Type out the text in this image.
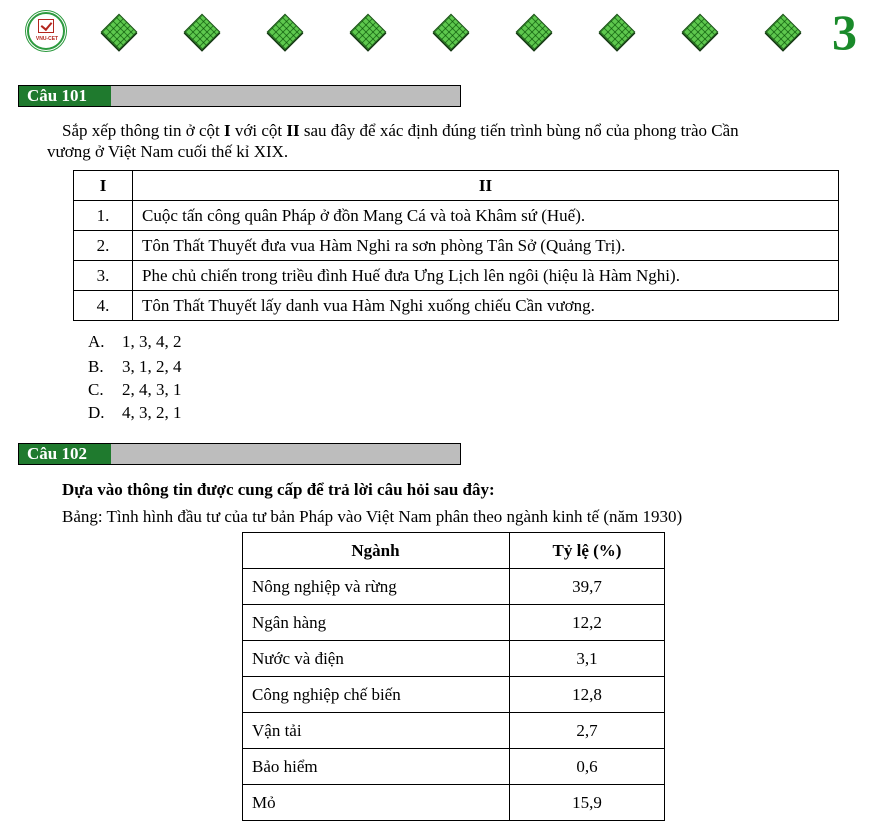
VNU-CET	3
Câu 101
Sắp xếp thông tin ở cột I với cột II sau đây để xác định đúng tiến trình bùng nổ của phong trào Cần
vương ở Việt Nam cuối thế kỉ XIX.
I	II
1.	Cuộc tấn công quân Pháp ở đồn Mang Cá và toà Khâm sứ (Huế).
2.	Tôn Thất Thuyết đưa vua Hàm Nghi ra sơn phòng Tân Sở (Quảng Trị).
3.	Phe chủ chiến trong triều đình Huế đưa Ưng Lịch lên ngôi (hiệu là Hàm Nghi).
4.	Tôn Thất Thuyết lấy danh vua Hàm Nghi xuống chiếu Cần vương.
A. 1, 3, 4, 2
B. 3, 1, 2, 4
C. 2, 4, 3, 1
D. 4, 3, 2, 1
Câu 102
Dựa vào thông tin được cung cấp để trả lời câu hỏi sau đây:
Bảng: Tình hình đầu tư của tư bản Pháp vào Việt Nam phân theo ngành kinh tế (năm 1930)
Ngành	Tỷ lệ (%)
Nông nghiệp và rừng	39,7
Ngân hàng	12,2
Nước và điện	3,1
Công nghiệp chế biến	12,8
Vận tải	2,7
Bảo hiểm	0,6
Mỏ	15,9
